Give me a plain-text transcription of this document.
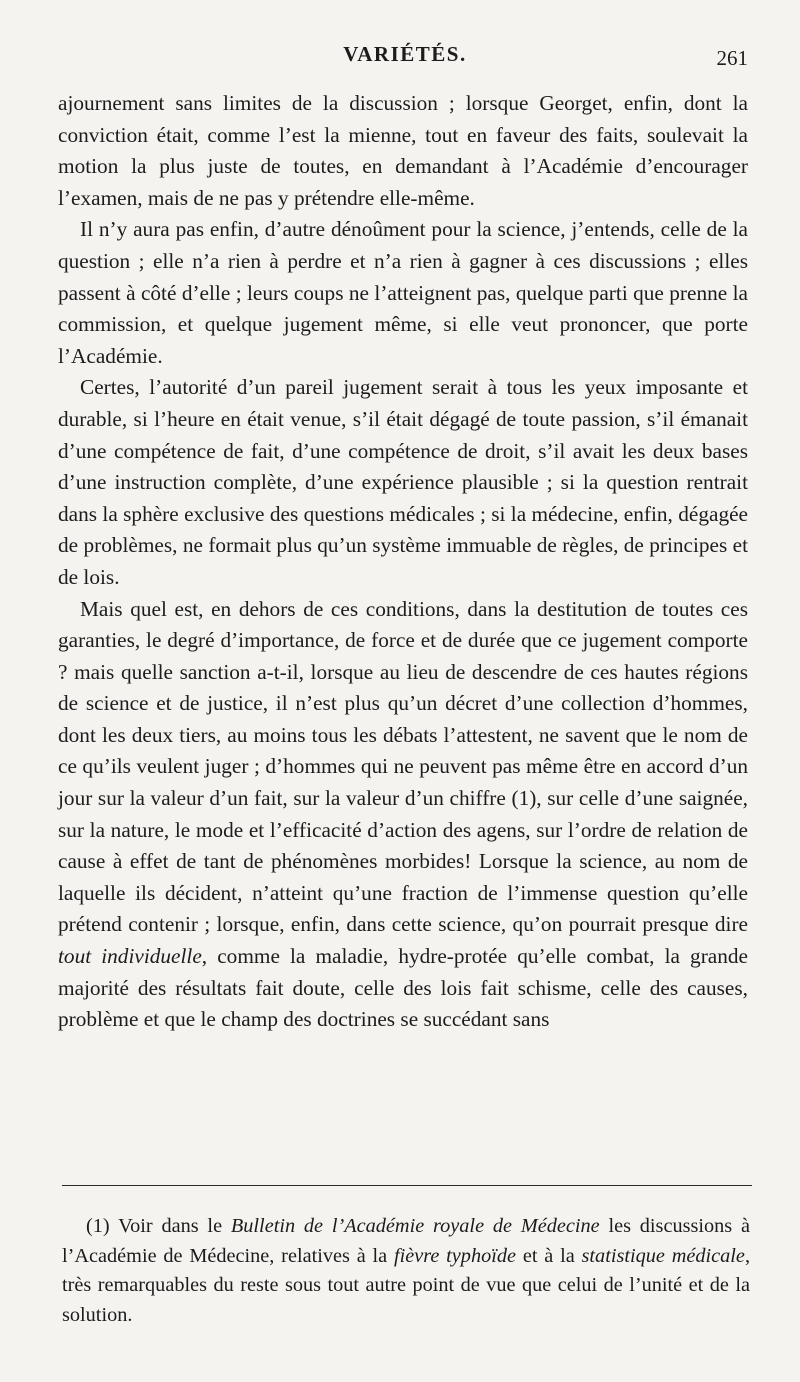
VARIÉTÉS.	261

ajournement sans limites de la discussion ; lorsque Georget, enfin, dont la conviction était, comme l’est la mienne, tout en faveur des faits, soulevait la motion la plus juste de toutes, en demandant à l’Académie d’encourager l’examen, mais de ne pas y prétendre elle-même.

Il n’y aura pas enfin, d’autre dénoûment pour la science, j’entends, celle de la question ; elle n’a rien à perdre et n’a rien à gagner à ces discussions ; elles passent à côté d’elle ; leurs coups ne l’atteignent pas, quelque parti que prenne la commission, et quelque jugement même, si elle veut prononcer, que porte l’Académie.

Certes, l’autorité d’un pareil jugement serait à tous les yeux imposante et durable, si l’heure en était venue, s’il était dégagé de toute passion, s’il émanait d’une compétence de fait, d’une compétence de droit, s’il avait les deux bases d’une instruction complète, d’une expérience plausible ; si la question rentrait dans la sphère exclusive des questions médicales ; si la médecine, enfin, dégagée de problèmes, ne formait plus qu’un système immuable de règles, de principes et de lois.

Mais quel est, en dehors de ces conditions, dans la destitution de toutes ces garanties, le degré d’importance, de force et de durée que ce jugement comporte ? mais quelle sanction a-t-il, lorsque au lieu de descendre de ces hautes régions de science et de justice, il n’est plus qu’un décret d’une collection d’hommes, dont les deux tiers, au moins tous les débats l’attestent, ne savent que le nom de ce qu’ils veulent juger ; d’hommes qui ne peuvent pas même être en accord d’un jour sur la valeur d’un fait, sur la valeur d’un chiffre (1), sur celle d’une saignée, sur la nature, le mode et l’efficacité d’action des agens, sur l’ordre de relation de cause à effet de tant de phénomènes morbides! Lorsque la science, au nom de laquelle ils décident, n’atteint qu’une fraction de l’immense question qu’elle prétend contenir ; lorsque, enfin, dans cette science, qu’on pourrait presque dire tout individuelle, comme la maladie, hydre-protée qu’elle combat, la grande majorité des résultats fait doute, celle des lois fait schisme, celle des causes, problème et que le champ des doctrines se succédant sans

(1) Voir dans le Bulletin de l’Académie royale de Médecine les discussions à l’Académie de Médecine, relatives à la fièvre typhoïde et à la statistique médicale, très remarquables du reste sous tout autre point de vue que celui de l’unité et de la solution.
